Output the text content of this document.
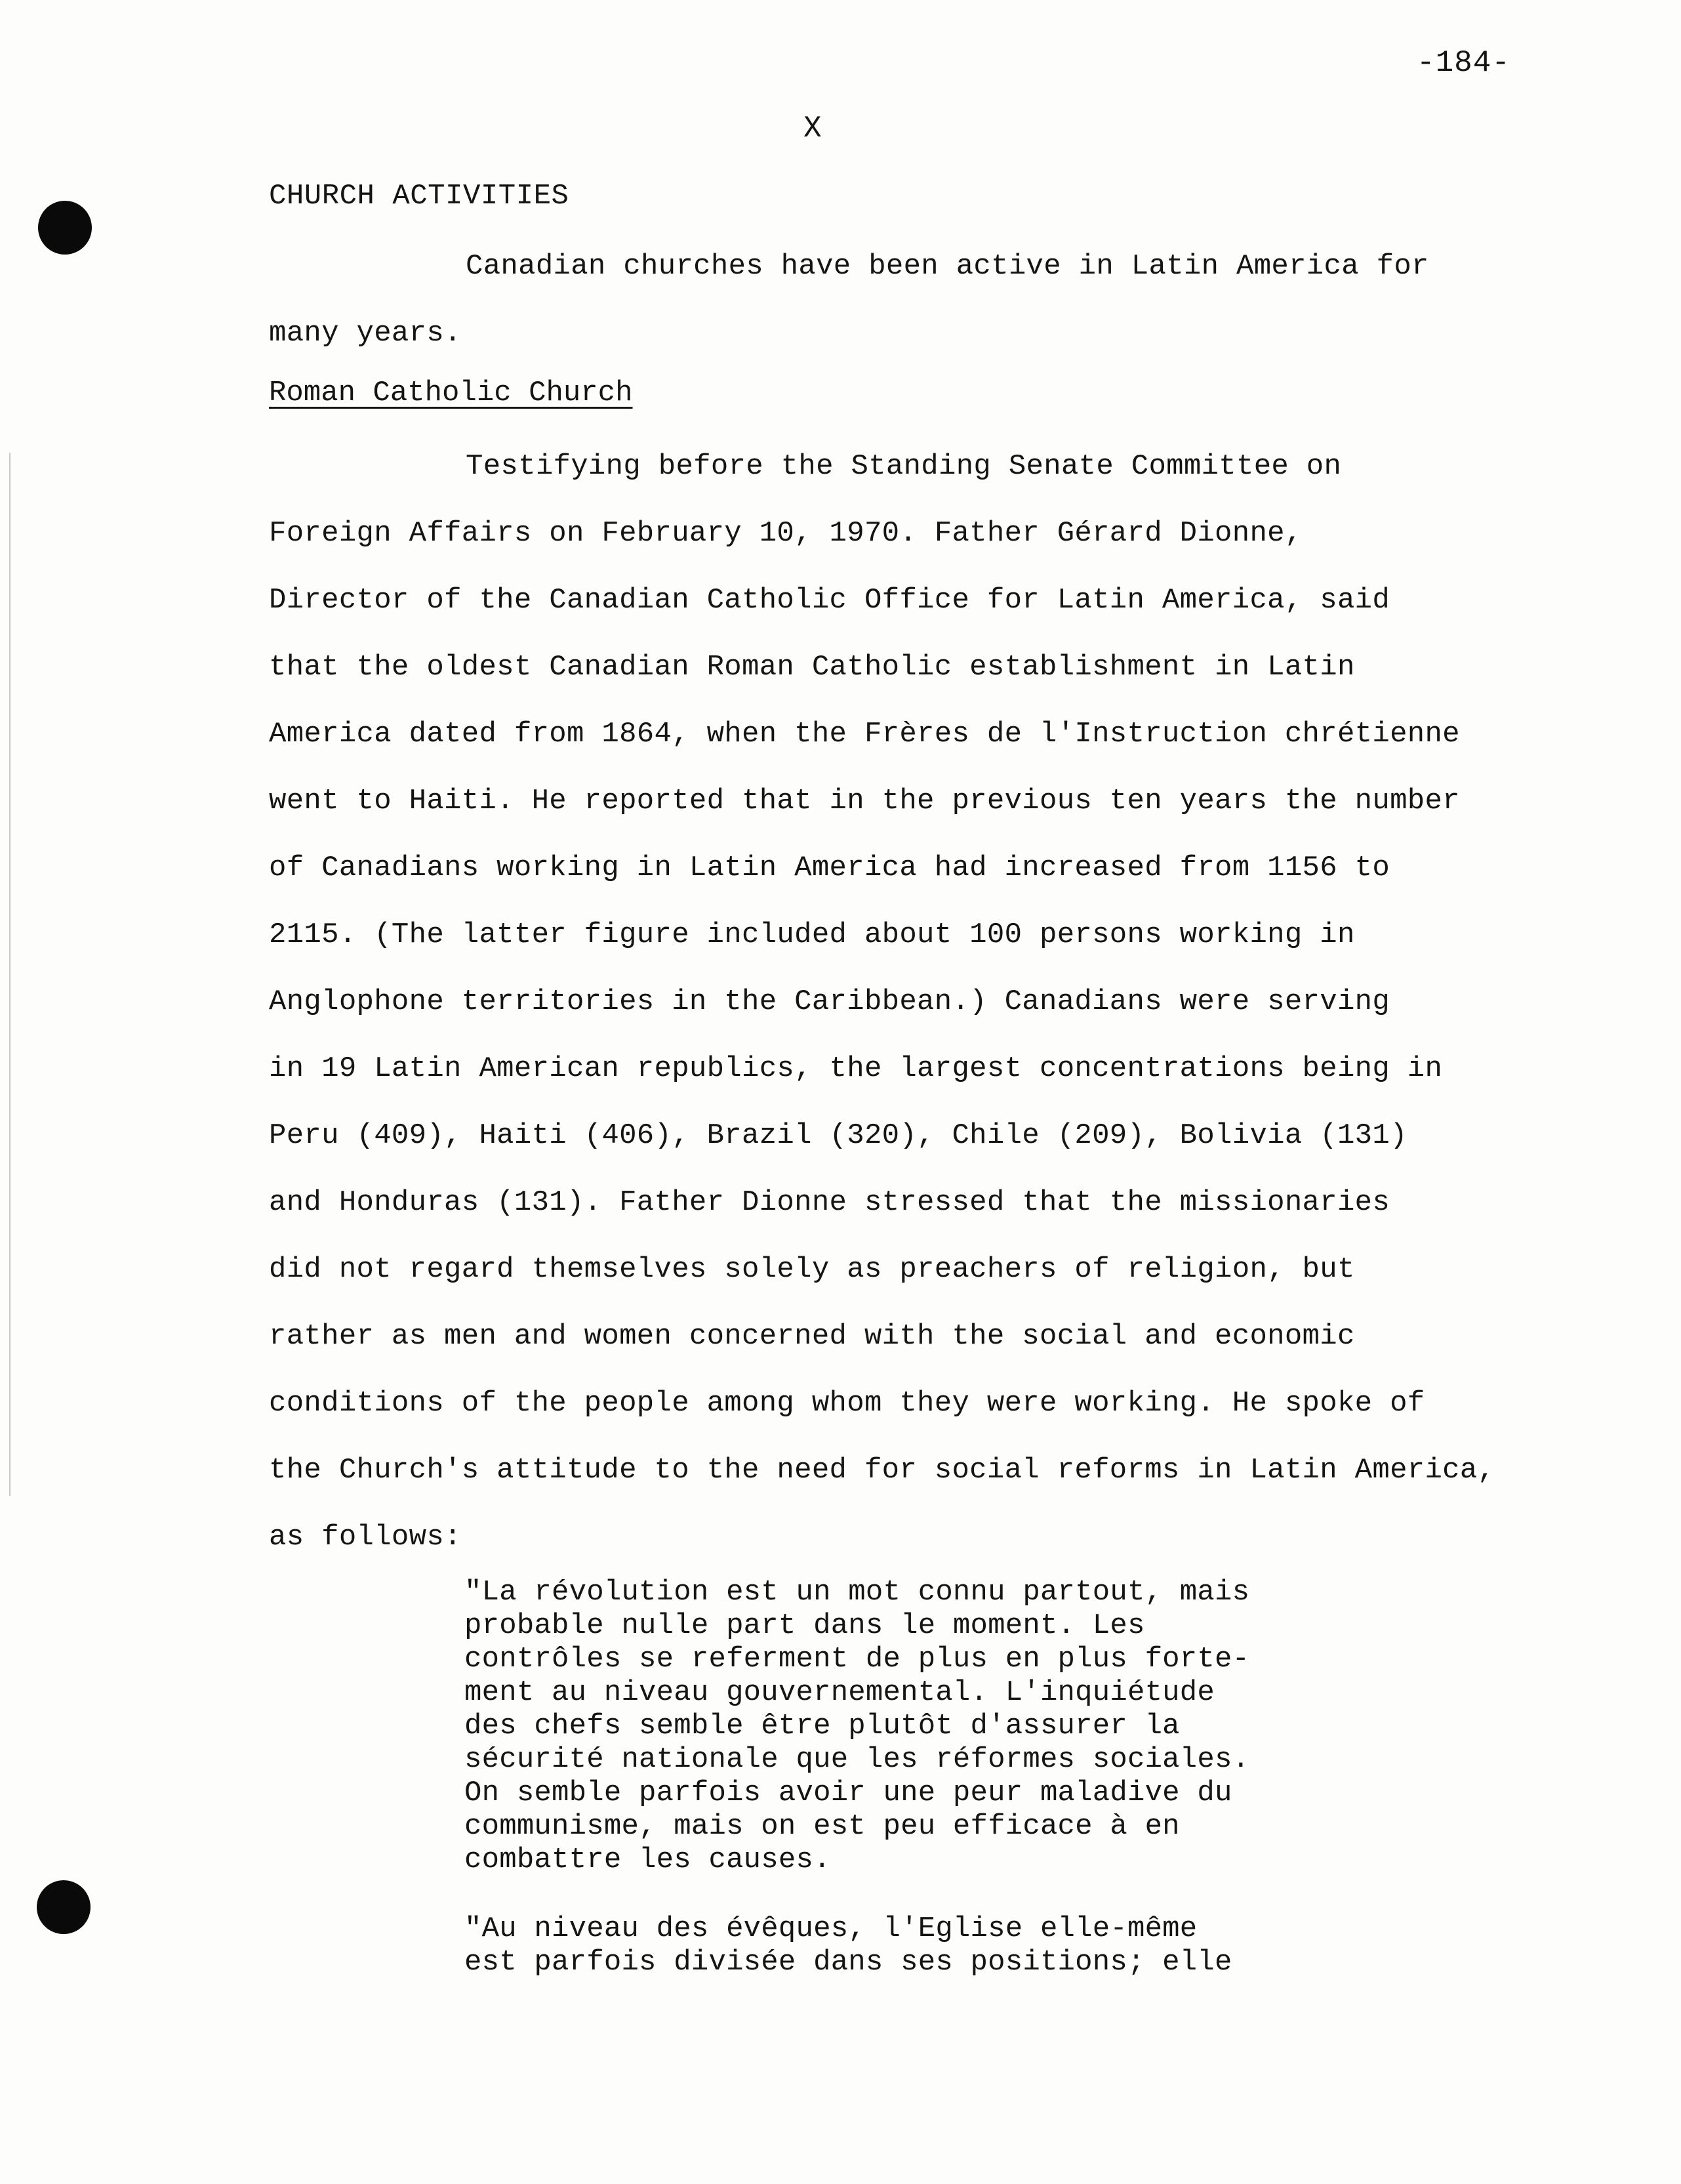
-184-
X
CHURCH ACTIVITIES
Canadian churches have been active in Latin America for
many years.
Roman Catholic Church
Testifying before the Standing Senate Committee on
Foreign Affairs on February 10, 1970. Father Gérard Dionne,
Director of the Canadian Catholic Office for Latin America, said
that the oldest Canadian Roman Catholic establishment in Latin
America dated from 1864, when the Frères de l'Instruction chrétienne
went to Haiti. He reported that in the previous ten years the number
of Canadians working in Latin America had increased from 1156 to
2115. (The latter figure included about 100 persons working in
Anglophone territories in the Caribbean.) Canadians were serving
in 19 Latin American republics, the largest concentrations being in
Peru (409), Haiti (406), Brazil (320), Chile (209), Bolivia (131)
and Honduras (131). Father Dionne stressed that the missionaries
did not regard themselves solely as preachers of religion, but
rather as men and women concerned with the social and economic
conditions of the people among whom they were working. He spoke of
the Church's attitude to the need for social reforms in Latin America,
as follows:
"La révolution est un mot connu partout, mais
probable nulle part dans le moment. Les
contrôles se referment de plus en plus forte-
ment au niveau gouvernemental. L'inquiétude
des chefs semble être plutôt d'assurer la
sécurité nationale que les réformes sociales.
On semble parfois avoir une peur maladive du
communisme, mais on est peu efficace à en
combattre les causes.
"Au niveau des évêques, l'Eglise elle-même
est parfois divisée dans ses positions; elle
